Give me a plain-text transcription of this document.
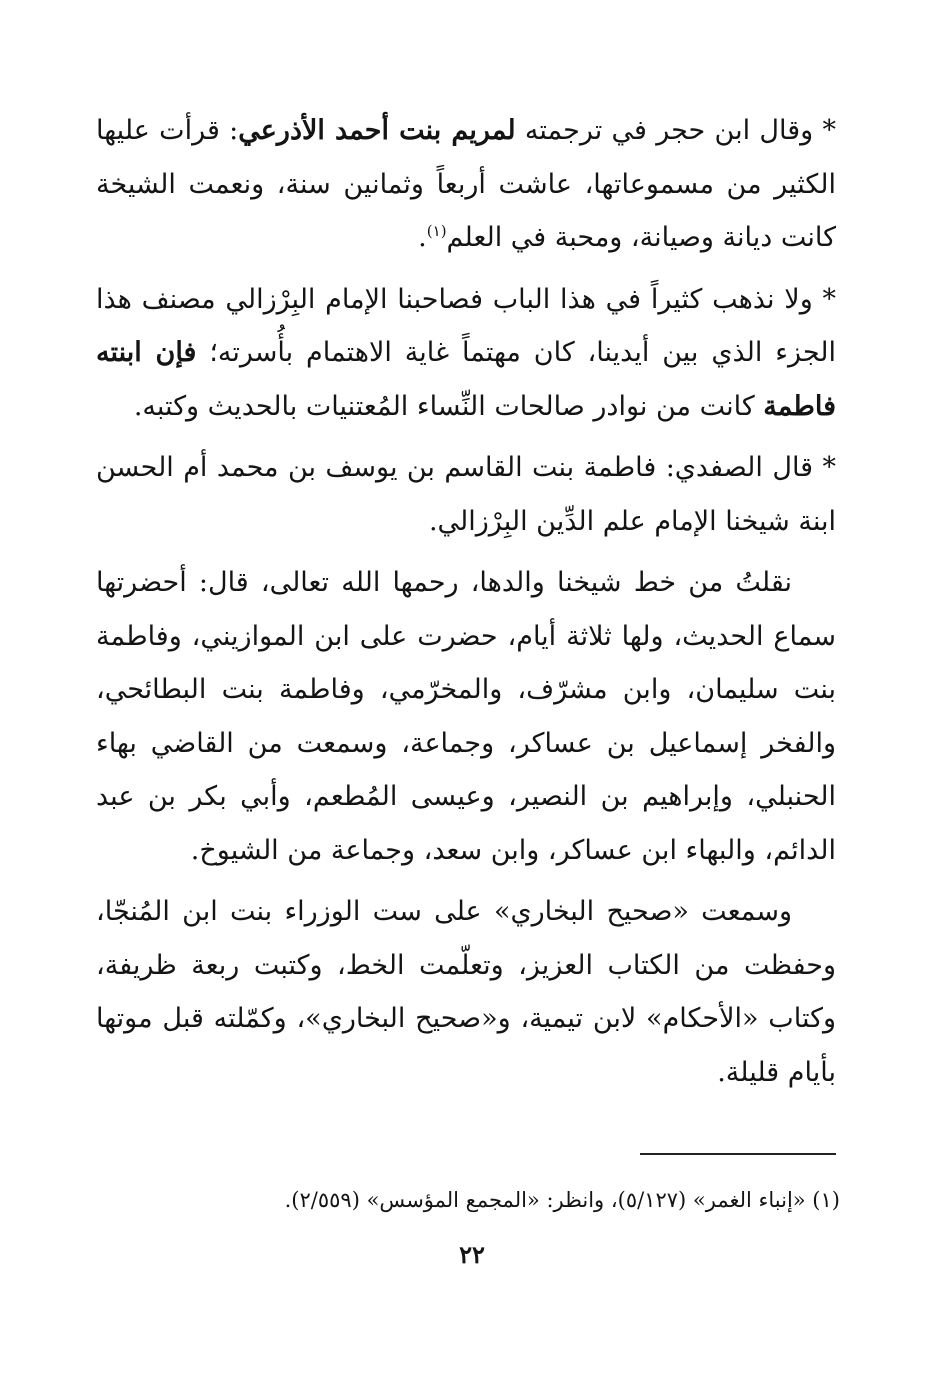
* وقال ابن حجر في ترجمته لمريم بنت أحمد الأذرعي: قرأت عليها الكثير من مسموعاتها، عاشت أربعاً وثمانين سنة، ونعمت الشيخة كانت ديانة وصيانة، ومحبة في العلم$^{(١)}$.

* ولا نذهب كثيراً في هذا الباب فصاحبنا الإمام البِرْزالي مصنف هذا الجزء الذي بين أيدينا، كان مهتماً غاية الاهتمام بأُسرته؛ فإن ابنته فاطمة كانت من نوادر صالحات النِّساء المُعتنيات بالحديث وكتبه.

* قال الصفدي: فاطمة بنت القاسم بن يوسف بن محمد أم الحسن ابنة شيخنا الإمام علم الدِّين البِرْزالي.

نقلتُ من خط شيخنا والدها، رحمها الله تعالى، قال: أحضرتها سماع الحديث، ولها ثلاثة أيام، حضرت على ابن الموازيني، وفاطمة بنت سليمان، وابن مشرّف، والمخرّمي، وفاطمة بنت البطائحي، والفخر إسماعيل بن عساكر، وجماعة، وسمعت من القاضي بهاء الحنبلي، وإبراهيم بن النصير، وعيسى المُطعم، وأبي بكر بن عبد الدائم، والبهاء ابن عساكر، وابن سعد، وجماعة من الشيوخ.

وسمعت «صحيح البخاري» على ست الوزراء بنت ابن المُنجّا، وحفظت من الكتاب العزيز، وتعلّمت الخط، وكتبت ربعة ظريفة، وكتاب «الأحكام» لابن تيمية، و«صحيح البخاري»، وكمّلته قبل موتها بأيام قليلة.

(١) «إنباء الغمر» (٥/١٢٧)، وانظر: «المجمع المؤسس» (٢/٥٥٩).

٢٢
